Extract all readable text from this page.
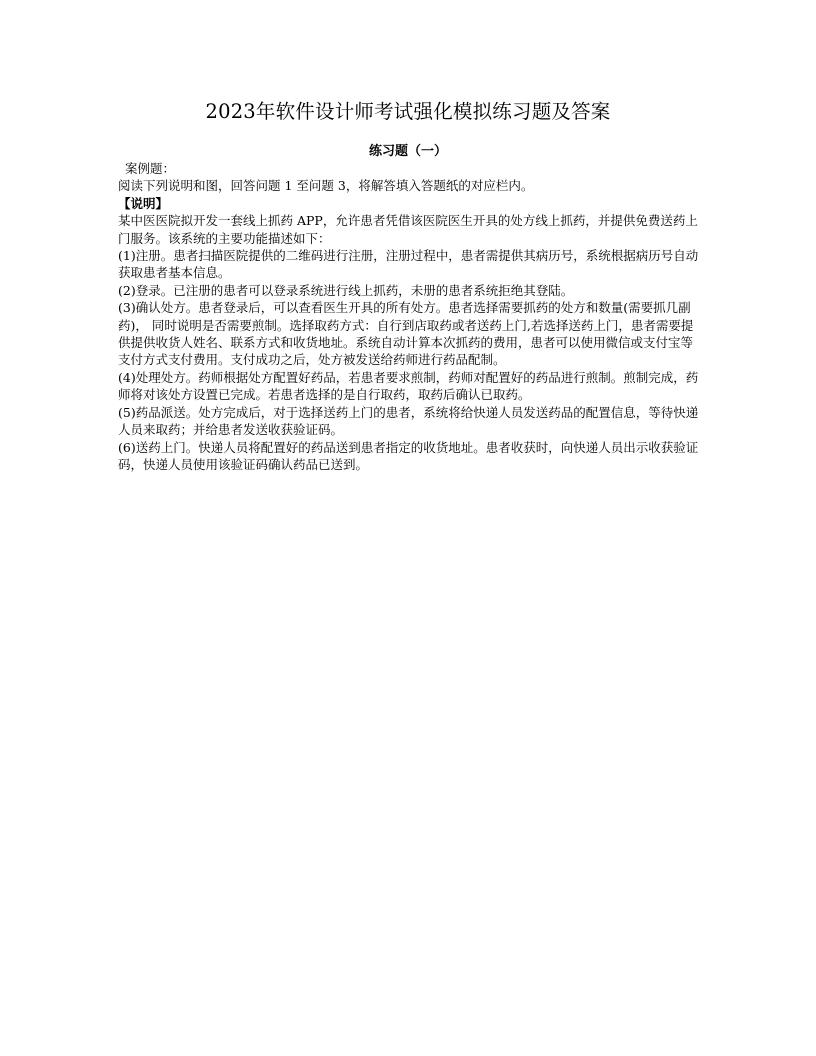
2023年软件设计师考试强化模拟练习题及答案
练习题（一）

案例题：

阅读下列说明和图，回答问题 1 至问题 3，将解答填入答题纸的对应栏内。

【说明】

某中医医院拟开发一套线上抓药 APP，允许患者凭借该医院医生开具的处方线上抓药，并提供免费送药上门服务。该系统的主要功能描述如下：

(1)注册。患者扫描医院提供的二维码进行注册，注册过程中，患者需提供其病历号，系统根据病历号自动获取患者基本信息。

(2)登录。已注册的患者可以登录系统进行线上抓药，未册的患者系统拒绝其登陆。

(3)确认处方。患者登录后，可以查看医生开具的所有处方。患者选择需要抓药的处方和数量(需要抓几副药)， 同时说明是否需要煎制。选择取药方式：自行到店取药或者送药上门,若选择送药上门，患者需要提供提供收货人姓名、联系方式和收货地址。系统自动计算本次抓药的费用，患者可以使用微信或支付宝等支付方式支付费用。支付成功之后，处方被发送给药师进行药品配制。

(4)处理处方。药师根据处方配置好药品，若患者要求煎制，药师对配置好的药品进行煎制。煎制完成，药师将对该处方设置已完成。若患者选择的是自行取药，取药后确认已取药。

(5)药品派送。处方完成后，对于选择送药上门的患者，系统将给快递人员发送药品的配置信息，等待快递人员来取药；并给患者发送收获验证码。

(6)送药上门。快递人员将配置好的药品送到患者指定的收货地址。患者收获时，向快递人员出示收获验证码，快递人员使用该验证码确认药品已送到。
